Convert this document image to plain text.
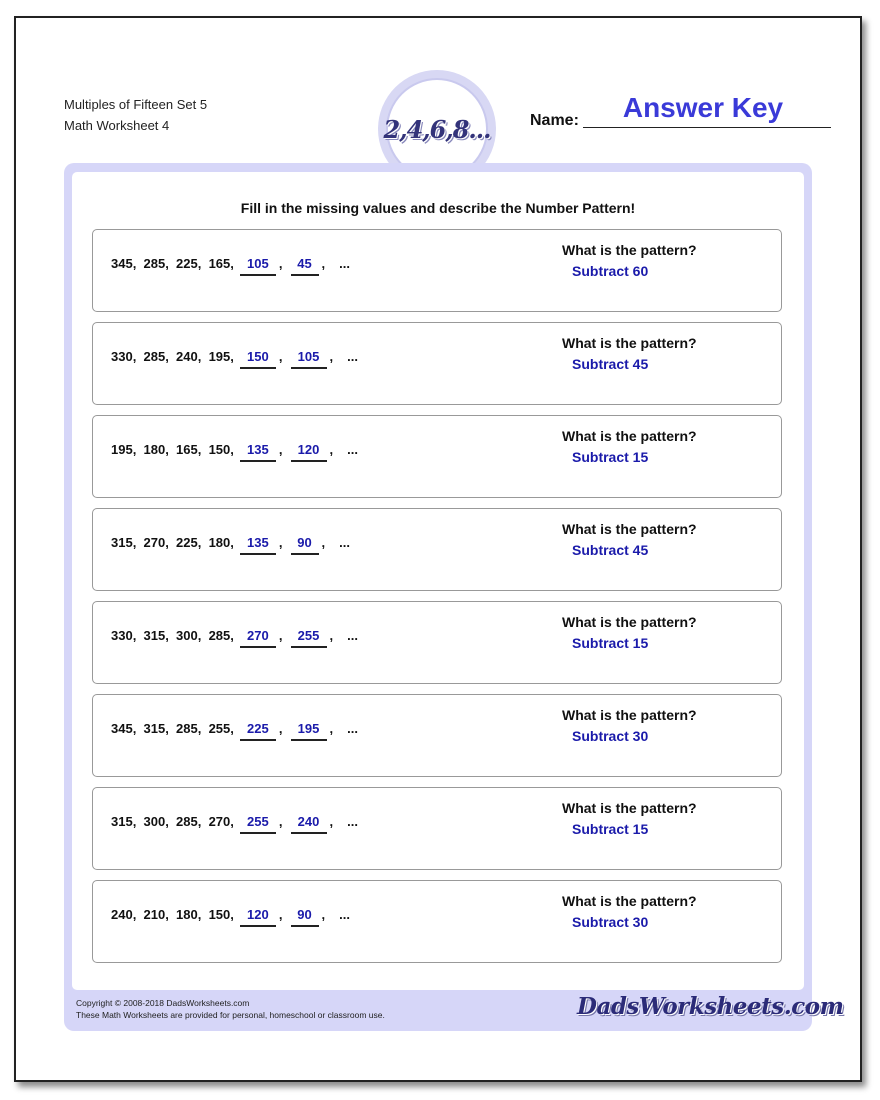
Multiples of Fifteen Set 5
Math Worksheet 4	2,4,6,8... Name:	Answer Key
Fill in the missing values and describe the Number Pattern!
345,  285,  225,  165, 105 , 45 , ...
What is the pattern?
Subtract 60
330,  285,  240,  195, 150 , 105 , ...
What is the pattern?
Subtract 45
195,  180,  165,  150, 135 , 120 , ...
What is the pattern?
Subtract 15
315,  270,  225,  180, 135 , 90 , ...
What is the pattern?
Subtract 45
330,  315,  300,  285, 270 , 255 , ...
What is the pattern?
Subtract 15
345,  315,  285,  255, 225 , 195 , ...
What is the pattern?
Subtract 30
315,  300,  285,  270, 255 , 240 , ...
What is the pattern?
Subtract 15
240,  210,  180,  150, 120 , 90 , ...
What is the pattern?
Subtract 30
Copyright © 2008-2018 DadsWorksheets.com
These Math Worksheets are provided for personal, homeschool or classroom use.	DadsWorksheets.com
